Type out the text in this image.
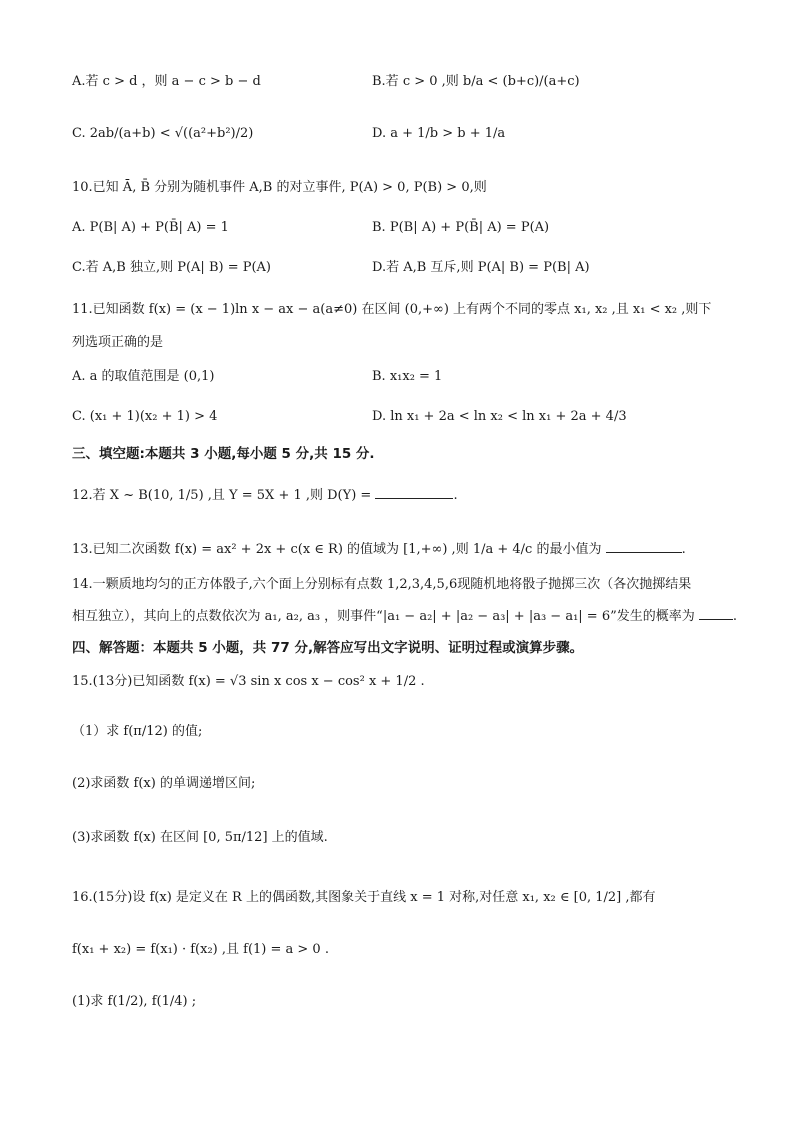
A.若 c > d ，则 a − c > b − d	B.若 c > 0 ,则 b/a < (b+c)/(a+c)
C. 2ab/(a+b) < √((a²+b²)/2)	D. a + 1/b > b + 1/a
10.已知 Ā, B̄ 分别为随机事件 A,B 的对立事件, P(A) > 0, P(B) > 0,则
A. P(B| A) + P(B̄| A) = 1	B. P(B| A) + P(B̄| A) = P(A)
C.若 A,B 独立,则 P(A| B) = P(A)	D.若 A,B 互斥,则 P(A| B) = P(B| A)
11.已知函数 f(x) = (x − 1)ln x − ax − a(a≠0) 在区间 (0,+∞) 上有两个不同的零点 x₁, x₂ ,且 x₁ < x₂ ,则下
列选项正确的是
A. a 的取值范围是 (0,1)	B. x₁x₂ = 1
C. (x₁ + 1)(x₂ + 1) > 4	D. ln x₁ + 2a < ln x₂ < ln x₁ + 2a + 4/3
三、填空题:本题共 3 小题,每小题 5 分,共 15 分.
12.若 X ~ B(10, 1/5) ,且 Y = 5X + 1 ,则 D(Y) =	.
13.已知二次函数 f(x) = ax² + 2x + c(x ∈ R) 的值域为 [1,+∞) ,则 1/a + 4/c 的最小值为	.
14.一颗质地均匀的正方体骰子,六个面上分别标有点数 1,2,3,4,5,6现随机地将骰子抛掷三次（各次抛掷结果
相互独立），其向上的点数依次为 a₁, a₂, a₃ ，则事件“|a₁ − a₂| + |a₂ − a₃| + |a₃ − a₁| = 6”发生的概率为	.
四、解答题：本题共 5 小题，共 77 分,解答应写出文字说明、证明过程或演算步骤。
15.(13分)已知函数 f(x) = √3 sin x cos x − cos² x + 1/2 .
（1）求 f(π/12) 的值;
(2)求函数 f(x) 的单调递增区间;
(3)求函数 f(x) 在区间 [0, 5π/12] 上的值域.
16.(15分)设 f(x) 是定义在 R 上的偶函数,其图象关于直线 x = 1 对称,对任意 x₁, x₂ ∈ [0, 1/2] ,都有
f(x₁ + x₂) = f(x₁) · f(x₂) ,且 f(1) = a > 0 .
(1)求 f(1/2), f(1/4) ;
